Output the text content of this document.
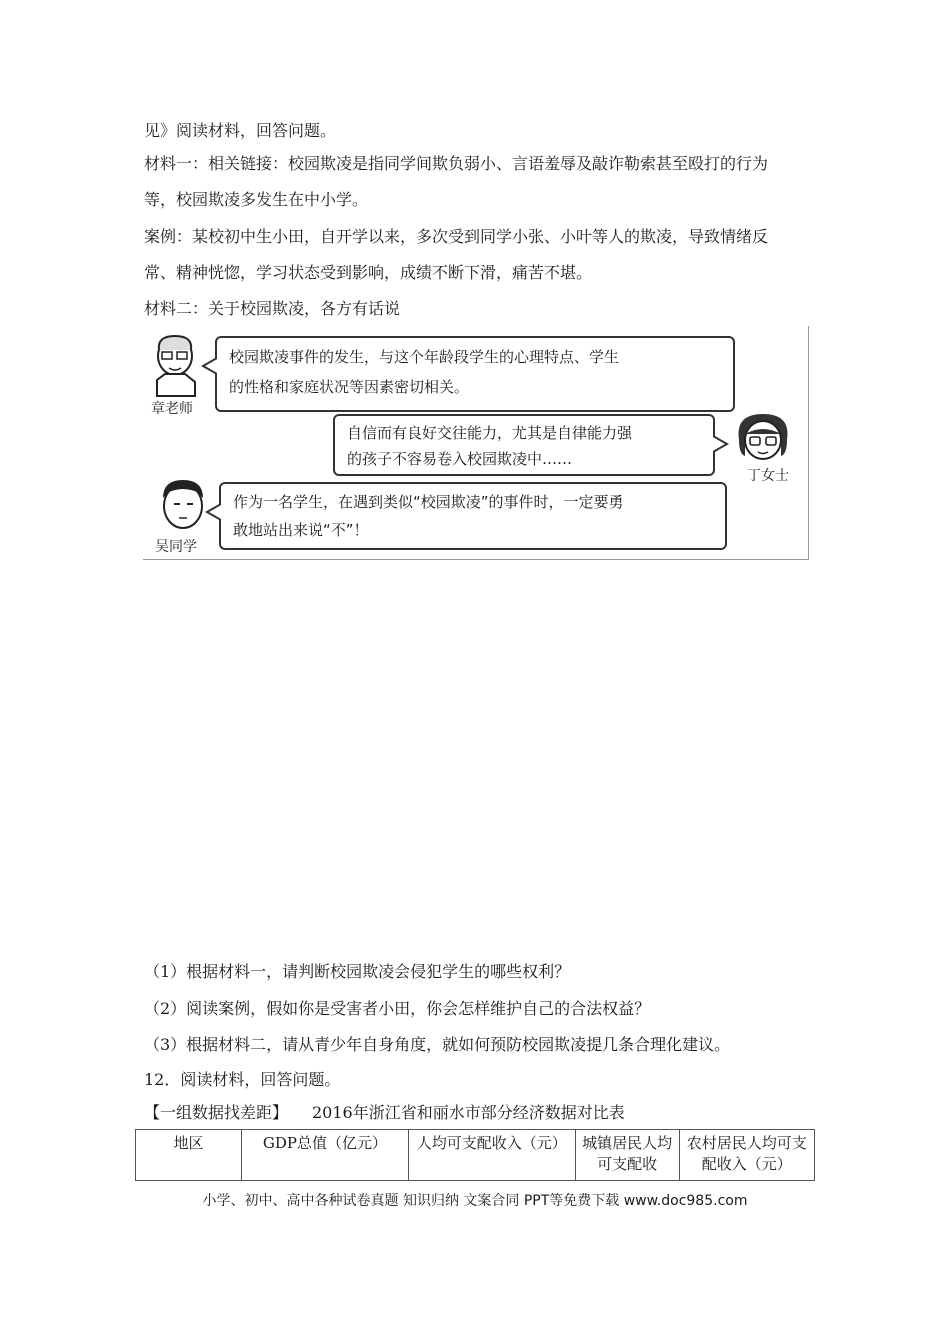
见》阅读材料，回答问题。
材料一：相关链接：校园欺凌是指同学间欺负弱小、言语羞辱及敲诈勒索甚至殴打的行为
等，校园欺凌多发生在中小学。
案例：某校初中生小田，自开学以来，多次受到同学小张、小叶等人的欺凌，导致情绪反
常、精神恍惚，学习状态受到影响，成绩不断下滑，痛苦不堪。
材料二：关于校园欺凌，各方有话说
章老师
校园欺凌事件的发生，与这个年龄段学生的心理特点、学生
的性格和家庭状况等因素密切相关。
自信而有良好交往能力，尤其是自律能力强
的孩子不容易卷入校园欺凌中……
丁女士
吴同学
作为一名学生，在遇到类似“校园欺凌”的事件时，一定要勇
敢地站出来说“不”！
（1）根据材料一，请判断校园欺凌会侵犯学生的哪些权利？
（2）阅读案例，假如你是受害者小田，你会怎样维护自己的合法权益？
（3）根据材料二，请从青少年自身角度，就如何预防校园欺凌提几条合理化建议。
12．阅读材料，回答问题。
【一组数据找差距】　　2016年浙江省和丽水市部分经济数据对比表
地区	GDP总值（亿元）	人均可支配收入（元）	城镇居民人均可支配收	农村居民人均可支配收入（元）
小学、初中、高中各种试卷真题 知识归纳 文案合同 PPT等免费下载 www.doc985.com
